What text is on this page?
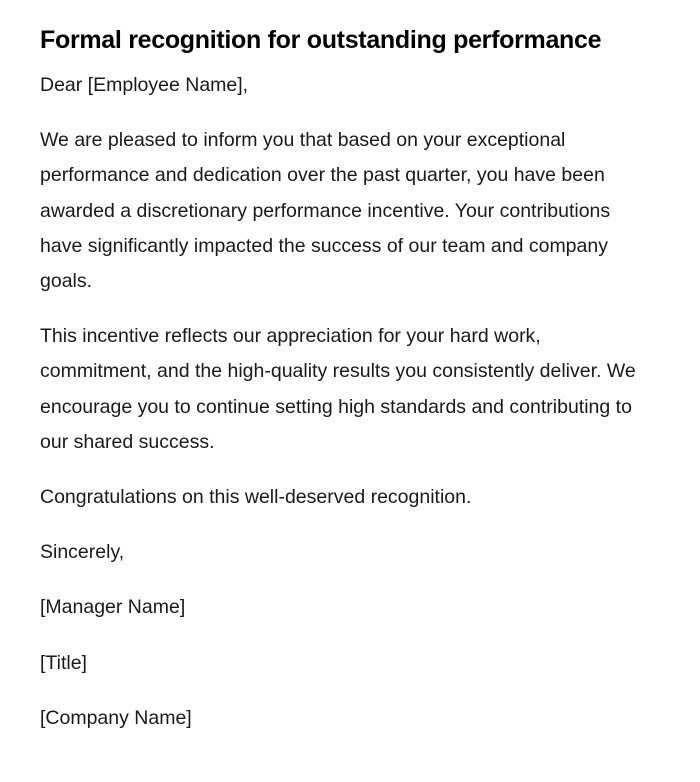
Formal recognition for outstanding performance

Dear [Employee Name],

We are pleased to inform you that based on your exceptional performance and dedication over the past quarter, you have been awarded a discretionary performance incentive. Your contributions have significantly impacted the success of our team and company goals.

This incentive reflects our appreciation for your hard work, commitment, and the high-quality results you consistently deliver. We encourage you to continue setting high standards and contributing to our shared success.

Congratulations on this well-deserved recognition.

Sincerely,

[Manager Name]

[Title]

[Company Name]
